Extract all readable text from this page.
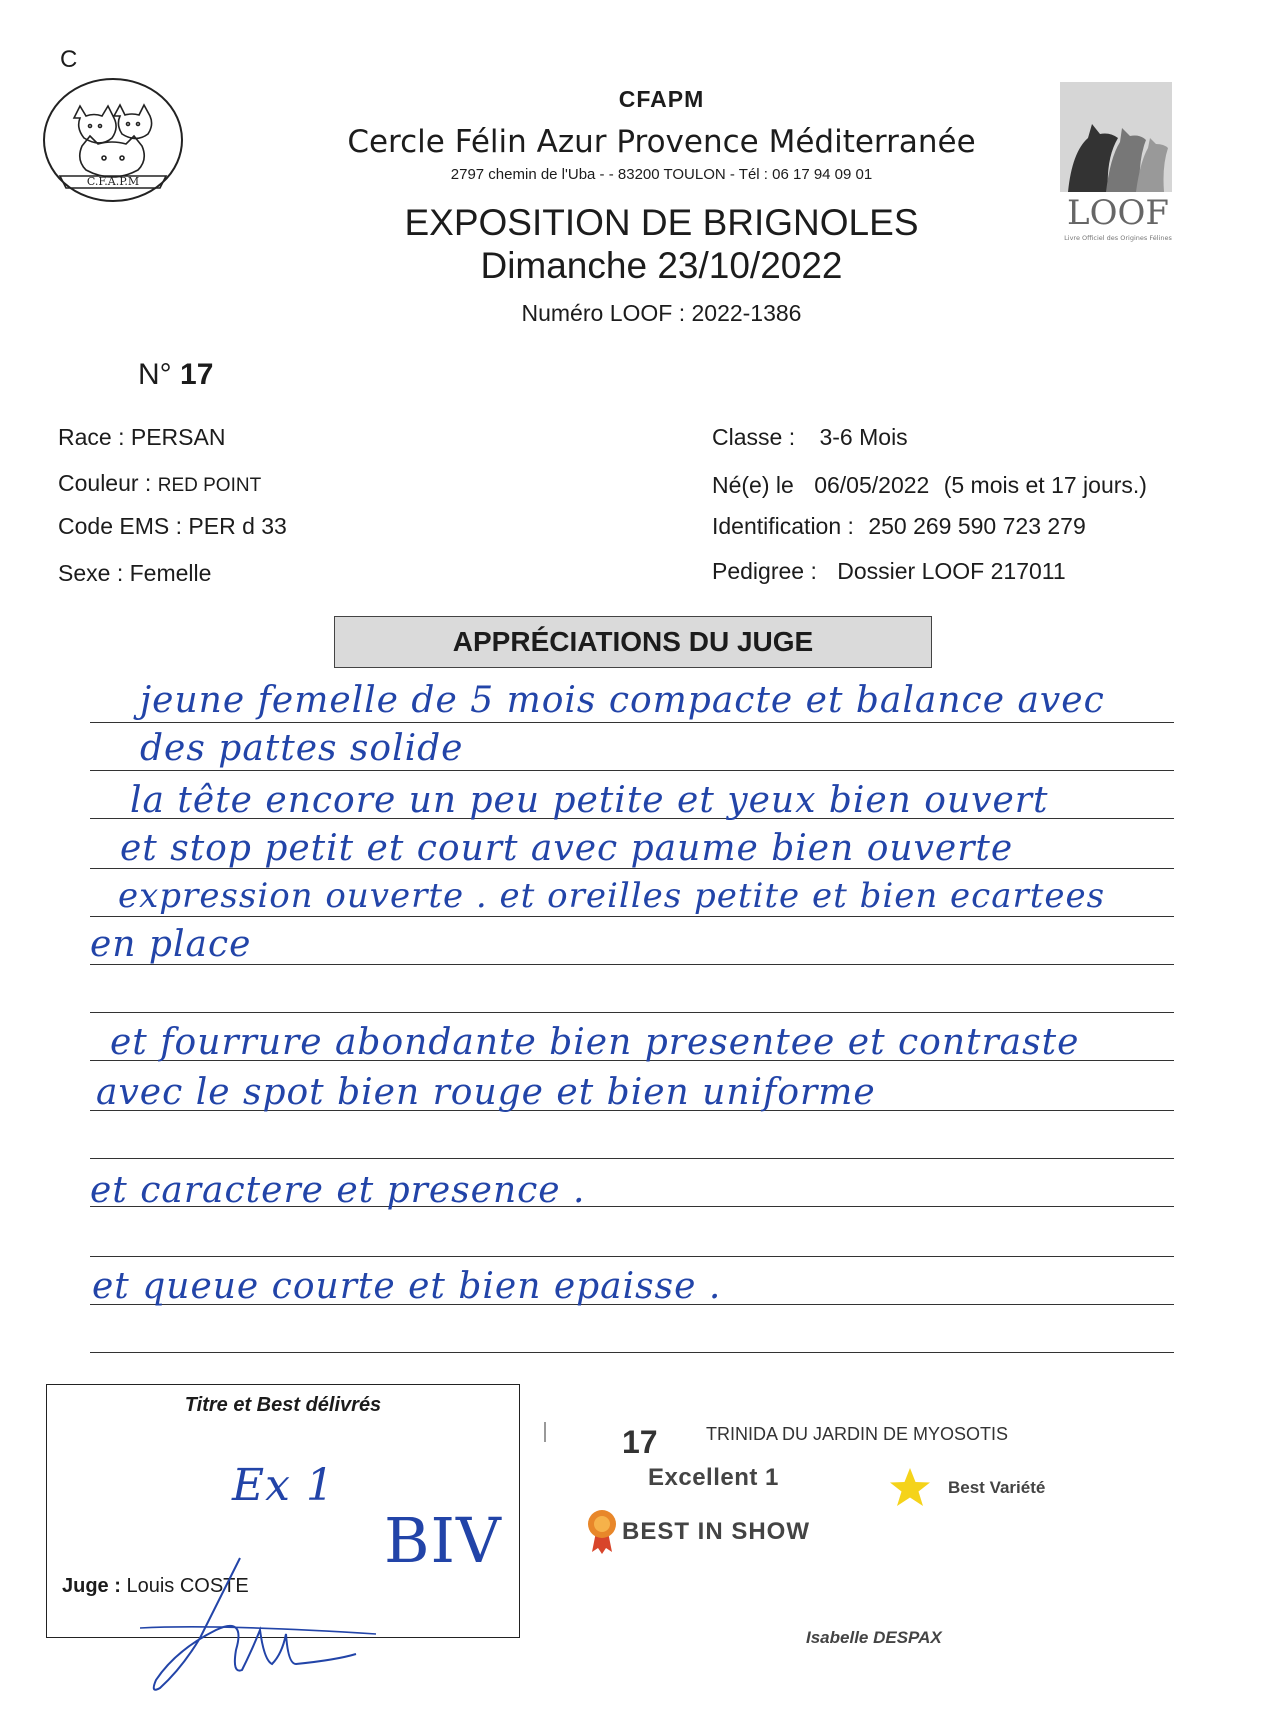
C
C.F.A.P.M
CFAPM
Cercle Félin Azur Provence Méditerranée
2797 chemin de l'Uba - - 83200 TOULON - Tél : 06 17 94 09 01
LOOF
Livre Officiel des Origines Félines
EXPOSITION DE BRIGNOLES
Dimanche 23/10/2022
Numéro LOOF : 2022-1386
N° 17
Race : PERSAN
Couleur : RED POINT
Code EMS : PER d 33
Sexe : Femelle
Classe : 3-6 Mois
Né(e) le 06/05/2022 (5 mois et 17 jours.)
Identification : 250 269 590 723 279
Pedigree : Dossier LOOF 217011
APPRÉCIATIONS DU JUGE
jeune femelle de 5 mois compacte et balance avec
des pattes solide
la tête encore un peu petite et yeux bien ouvert
et stop petit et court avec paume bien ouverte
expression ouverte . et oreilles petite et bien ecartees
en place
et fourrure abondante bien presentee et contraste
avec le spot bien rouge et bien uniforme
et caractere et presence .
et queue courte et bien epaisse .
Titre et Best délivrés
Ex 1
BIV
Juge : Louis COSTE
17	TRINIDA DU JARDIN DE MYOSOTIS
Excellent 1	Best Variété
BEST IN SHOW
Isabelle DESPAX
